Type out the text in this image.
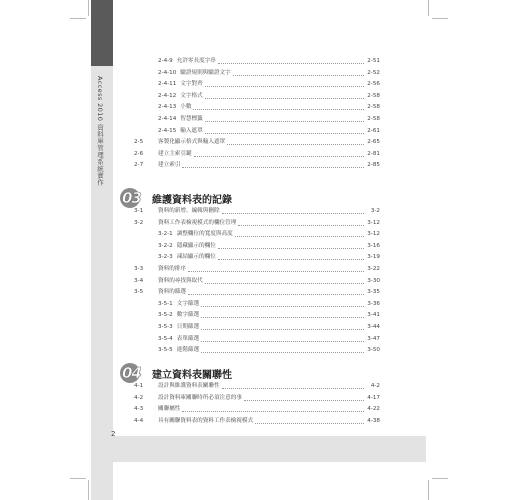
Access 2010 資料庫管理系統實作
2
2-4-9 允許零長度字串	2-51
2-4-10 驗證規則與驗證文字	2-52
2-4-11 文字對齊	2-56
2-4-12 文字格式	2-58
2-4-13 小數	2-58
2-4-14 智慧標籤	2-58
2-4-15 輸入遮罩	2-61
2-5	客製化顯示格式與輸入遮罩	2-65
2-6	建立主索引鍵	2-81
2-7	建立索引	2-85
03 維護資料表的記錄
3-1	資料的新增、編輯與刪除	3-2
3-2	資料工作表檢視模式的欄位管理	3-12
3-2-1 調整欄位的寬度與高度	3-12
3-2-2 隱藏顯示的欄位	3-16
3-2-3 凍結顯示的欄位	3-19
3-3	資料的排序	3-22
3-4	資料的尋找與取代	3-30
3-5	資料的篩選	3-35
3-5-1 文字篩選	3-36
3-5-2 數字篩選	3-41
3-5-3 日期篩選	3-44
3-5-4 表單篩選	3-47
3-5-5 進階篩選	3-50
04 建立資料表關聯性
4-1	設計與維護資料表關聯性	4-2
4-2	設計資料庫關聯時所必須注意的事	4-17
4-3	關聯屬性	4-22
4-4	具有關聯資料表的資料工作表檢視模式	4-38
